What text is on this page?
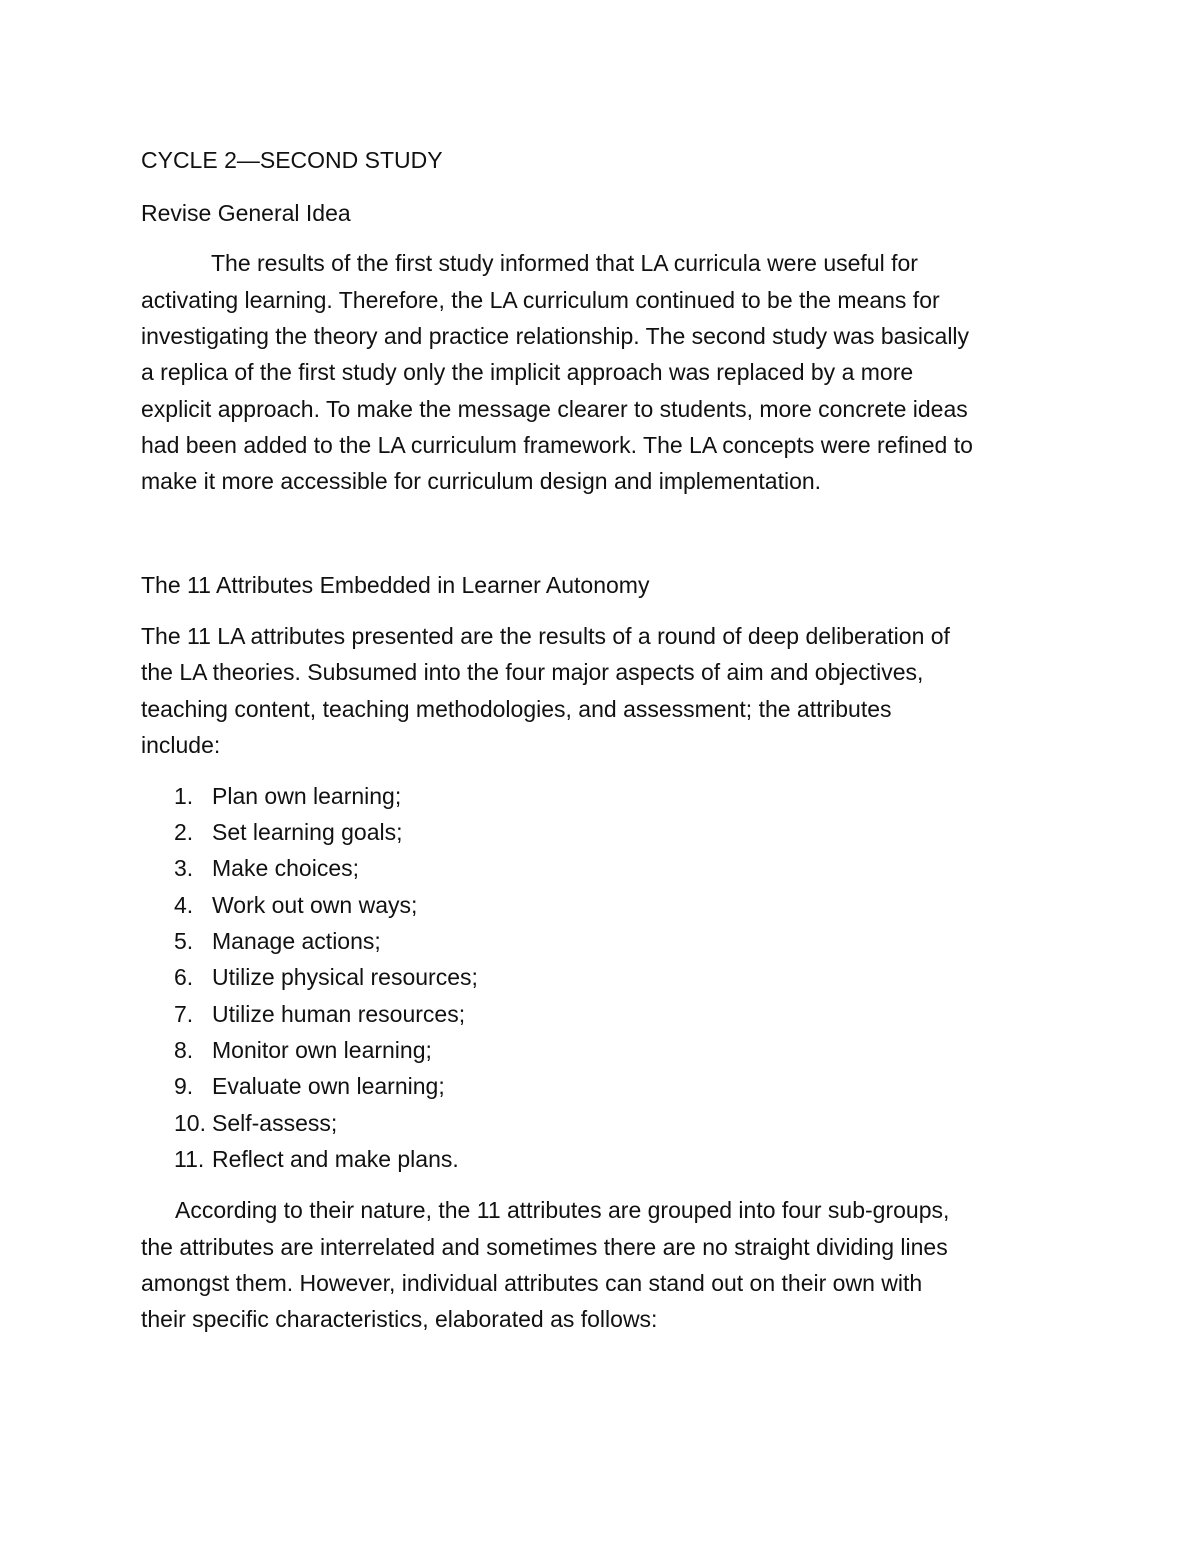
CYCLE 2—SECOND STUDY

Revise General Idea

The results of the first study informed that LA curricula were useful for

activating learning. Therefore, the LA curriculum continued to be the means for

investigating the theory and practice relationship. The second study was basically

a replica of the first study only the implicit approach was replaced by a more

explicit approach. To make the message clearer to students, more concrete ideas

had been added to the LA curriculum framework. The LA concepts were refined to

make it more accessible for curriculum design and implementation.

The 11 Attributes Embedded in Learner Autonomy

The 11 LA attributes presented are the results of a round of deep deliberation of

the LA theories. Subsumed into the four major aspects of aim and objectives,

teaching content, teaching methodologies, and assessment; the attributes

include:

1. Plan own learning;
2. Set learning goals;
3. Make choices;
4. Work out own ways;
5. Manage actions;
6. Utilize physical resources;
7. Utilize human resources;
8. Monitor own learning;
9. Evaluate own learning;
10. Self-assess;
11. Reflect and make plans.

According to their nature, the 11 attributes are grouped into four sub-groups,

the attributes are interrelated and sometimes there are no straight dividing lines

amongst them. However, individual attributes can stand out on their own with

their specific characteristics, elaborated as follows:
